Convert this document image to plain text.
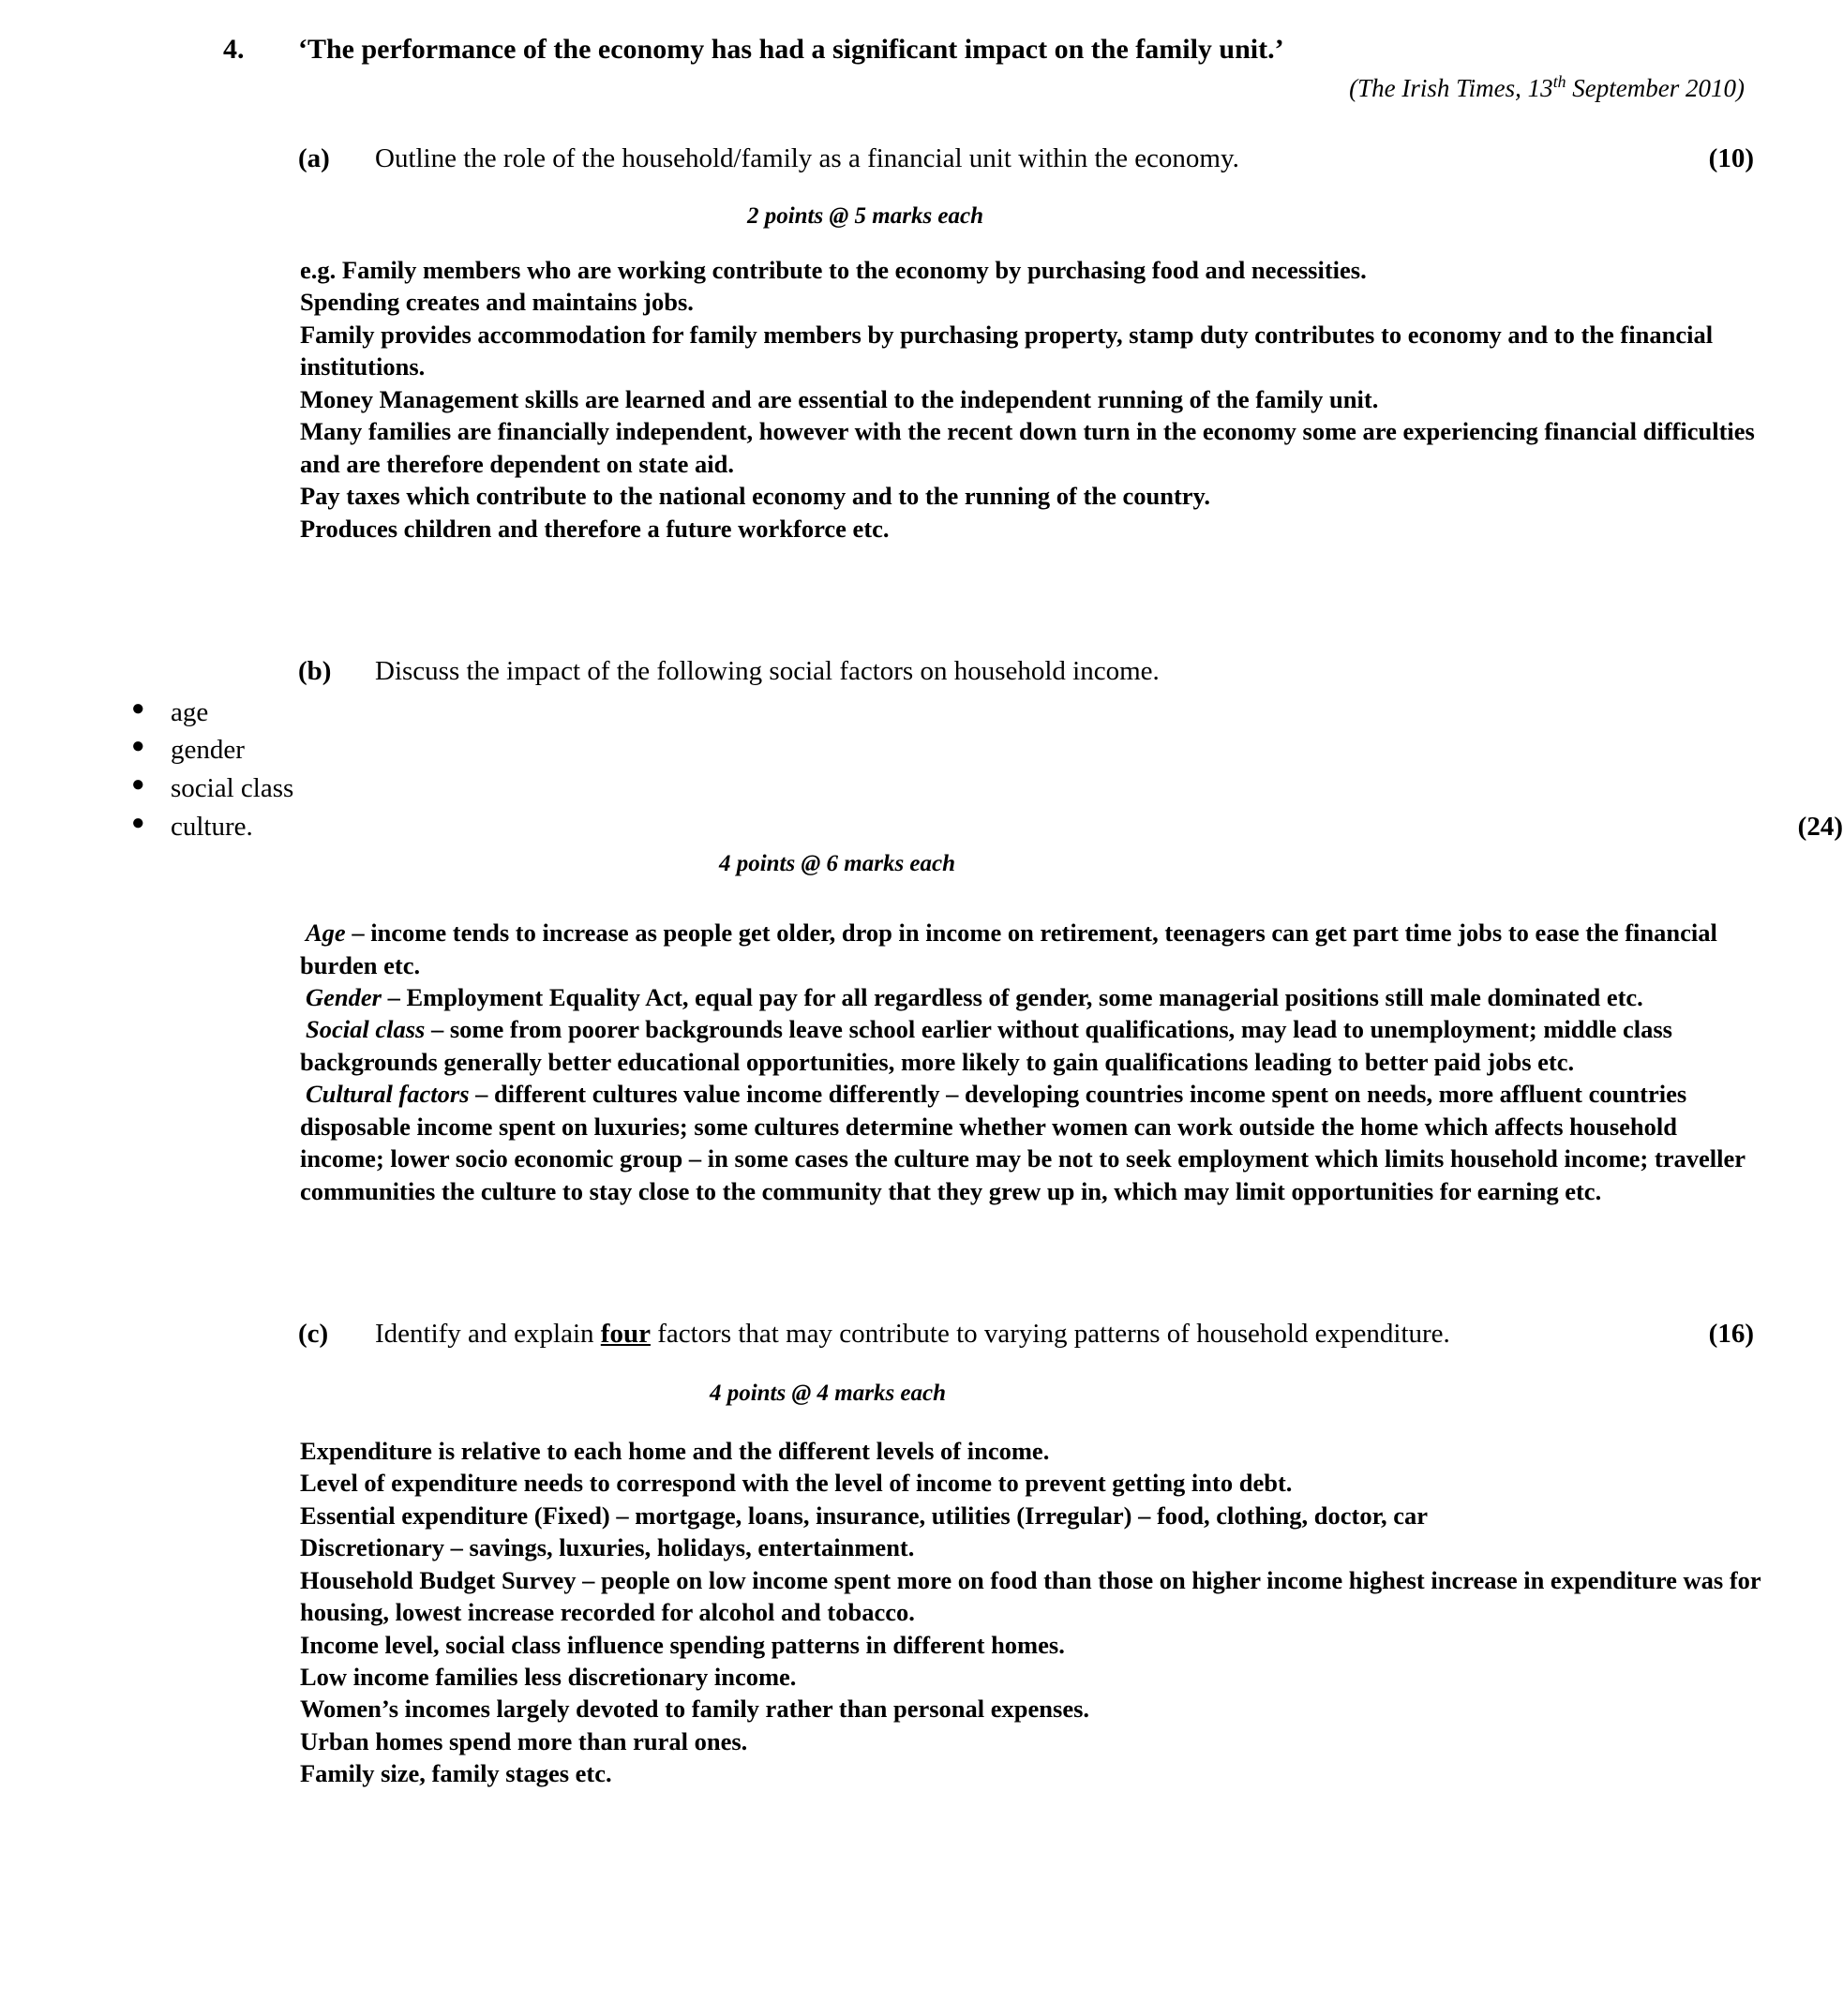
4. ‘The performance of the economy has had a significant impact on the family unit.’
(The Irish Times, 13th September 2010)
(a)	(10)
Outline the role of the household/family as a financial unit within the economy.
2 points @ 5 marks each

e.g. Family members who are working contribute to the economy by purchasing food and necessities.

Spending creates and maintains jobs.

Family provides accommodation for family members by purchasing property, stamp duty contributes to economy and to the financial institutions.

Money Management skills are learned and are essential to the independent running of the family unit.

Many families are financially independent, however with the recent down turn in the economy some are experiencing financial difficulties and are therefore dependent on state aid.

Pay taxes which contribute to the national economy and to the running of the country.

Produces children and therefore a future workforce etc.

(b) Discuss the impact of the following social factors on household income.
● age
● gender
● social class
(24)
● culture.
4 points @ 6 marks each

Age – income tends to increase as people get older, drop in income on retirement, teenagers can get part time jobs to ease the financial burden etc.

Gender – Employment Equality Act, equal pay for all regardless of gender, some managerial positions still male dominated etc.

Social class – some from poorer backgrounds leave school earlier without qualifications, may lead to unemployment; middle class backgrounds generally better educational opportunities, more likely to gain qualifications leading to better paid jobs etc.

Cultural factors – different cultures value income differently – developing countries income spent on needs, more affluent countries disposable income spent on luxuries; some cultures determine whether women can work outside the home which affects household income; lower socio economic group – in some cases the culture may be not to seek employment which limits household income; traveller communities the culture to stay close to the community that they grew up in, which may limit opportunities for earning etc.

(c)	(16)
Identify and explain four factors that may contribute to varying patterns of household expenditure.
4 points @ 4 marks each

Expenditure is relative to each home and the different levels of income.

Level of expenditure needs to correspond with the level of income to prevent getting into debt.

Essential expenditure (Fixed) – mortgage, loans, insurance, utilities (Irregular) – food, clothing, doctor, car

Discretionary – savings, luxuries, holidays, entertainment.

Household Budget Survey – people on low income spent more on food than those on higher income highest increase in expenditure was for housing, lowest increase recorded for alcohol and tobacco.

Income level, social class influence spending patterns in different homes.

Low income families less discretionary income.

Women’s incomes largely devoted to family rather than personal expenses.

Urban homes spend more than rural ones.

Family size, family stages etc.
